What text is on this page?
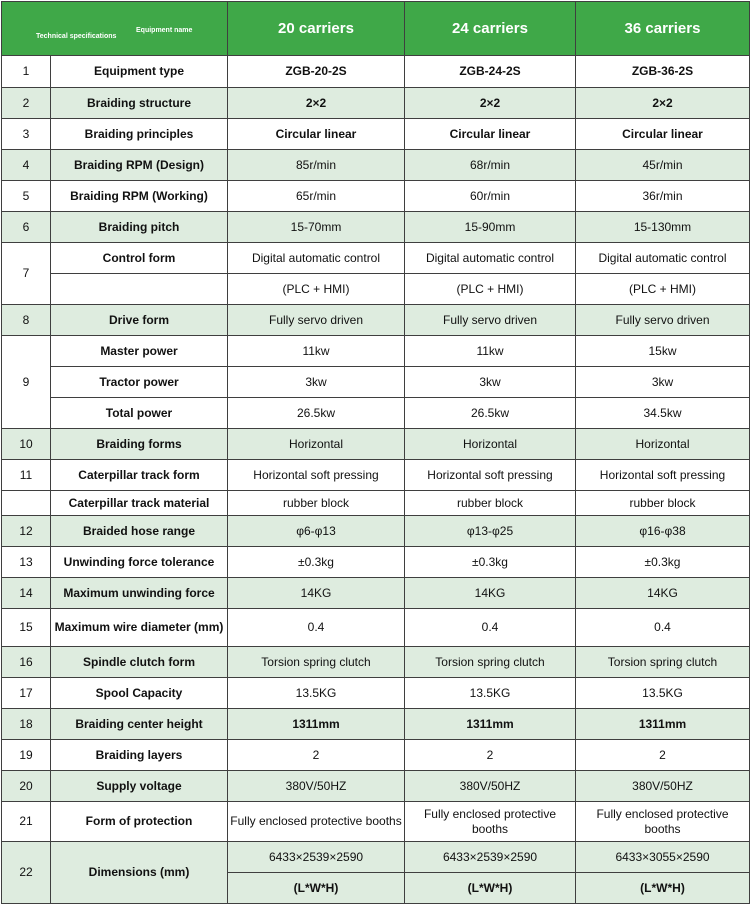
Equipment name
Technical specifications		20 carriers	24 carriers	36 carriers
1	Equipment type	ZGB-20-2S	ZGB-24-2S	ZGB-36-2S
2	Braiding structure	2×2	2×2	2×2
3	Braiding principles	Circular linear	Circular linear	Circular linear
4	Braiding RPM (Design)	85r/min	68r/min	45r/min
5	Braiding RPM (Working)	65r/min	60r/min	36r/min
6	Braiding pitch	15-70mm	15-90mm	15-130mm
7	Control form	Digital automatic control	Digital automatic control	Digital automatic control
		(PLC + HMI)	(PLC + HMI)	(PLC + HMI)
8	Drive form	Fully servo driven	Fully servo driven	Fully servo driven
9	Master power	11kw	11kw	15kw
	Tractor power	3kw	3kw	3kw
	Total power	26.5kw	26.5kw	34.5kw
10	Braiding forms	Horizontal	Horizontal	Horizontal
11	Caterpillar track form	Horizontal soft pressing	Horizontal soft pressing	Horizontal soft pressing
	Caterpillar track material	rubber block	rubber block	rubber block
12	Braided hose range	φ6-φ13	φ13-φ25	φ16-φ38
13	Unwinding force tolerance	±0.3kg	±0.3kg	±0.3kg
14	Maximum unwinding force	14KG	14KG	14KG
15	Maximum wire diameter (mm)	0.4	0.4	0.4
16	Spindle clutch form	Torsion spring clutch	Torsion spring clutch	Torsion spring clutch
17	Spool Capacity	13.5KG	13.5KG	13.5KG
18	Braiding center height	1311mm	1311mm	1311mm
19	Braiding layers	2	2	2
20	Supply voltage	380V/50HZ	380V/50HZ	380V/50HZ
21	Form of protection	Fully enclosed protective booths	Fully enclosed protective booths	Fully enclosed protective booths
22	Dimensions (mm)	6433×2539×2590	6433×2539×2590	6433×3055×2590
		(L*W*H)	(L*W*H)	(L*W*H)
